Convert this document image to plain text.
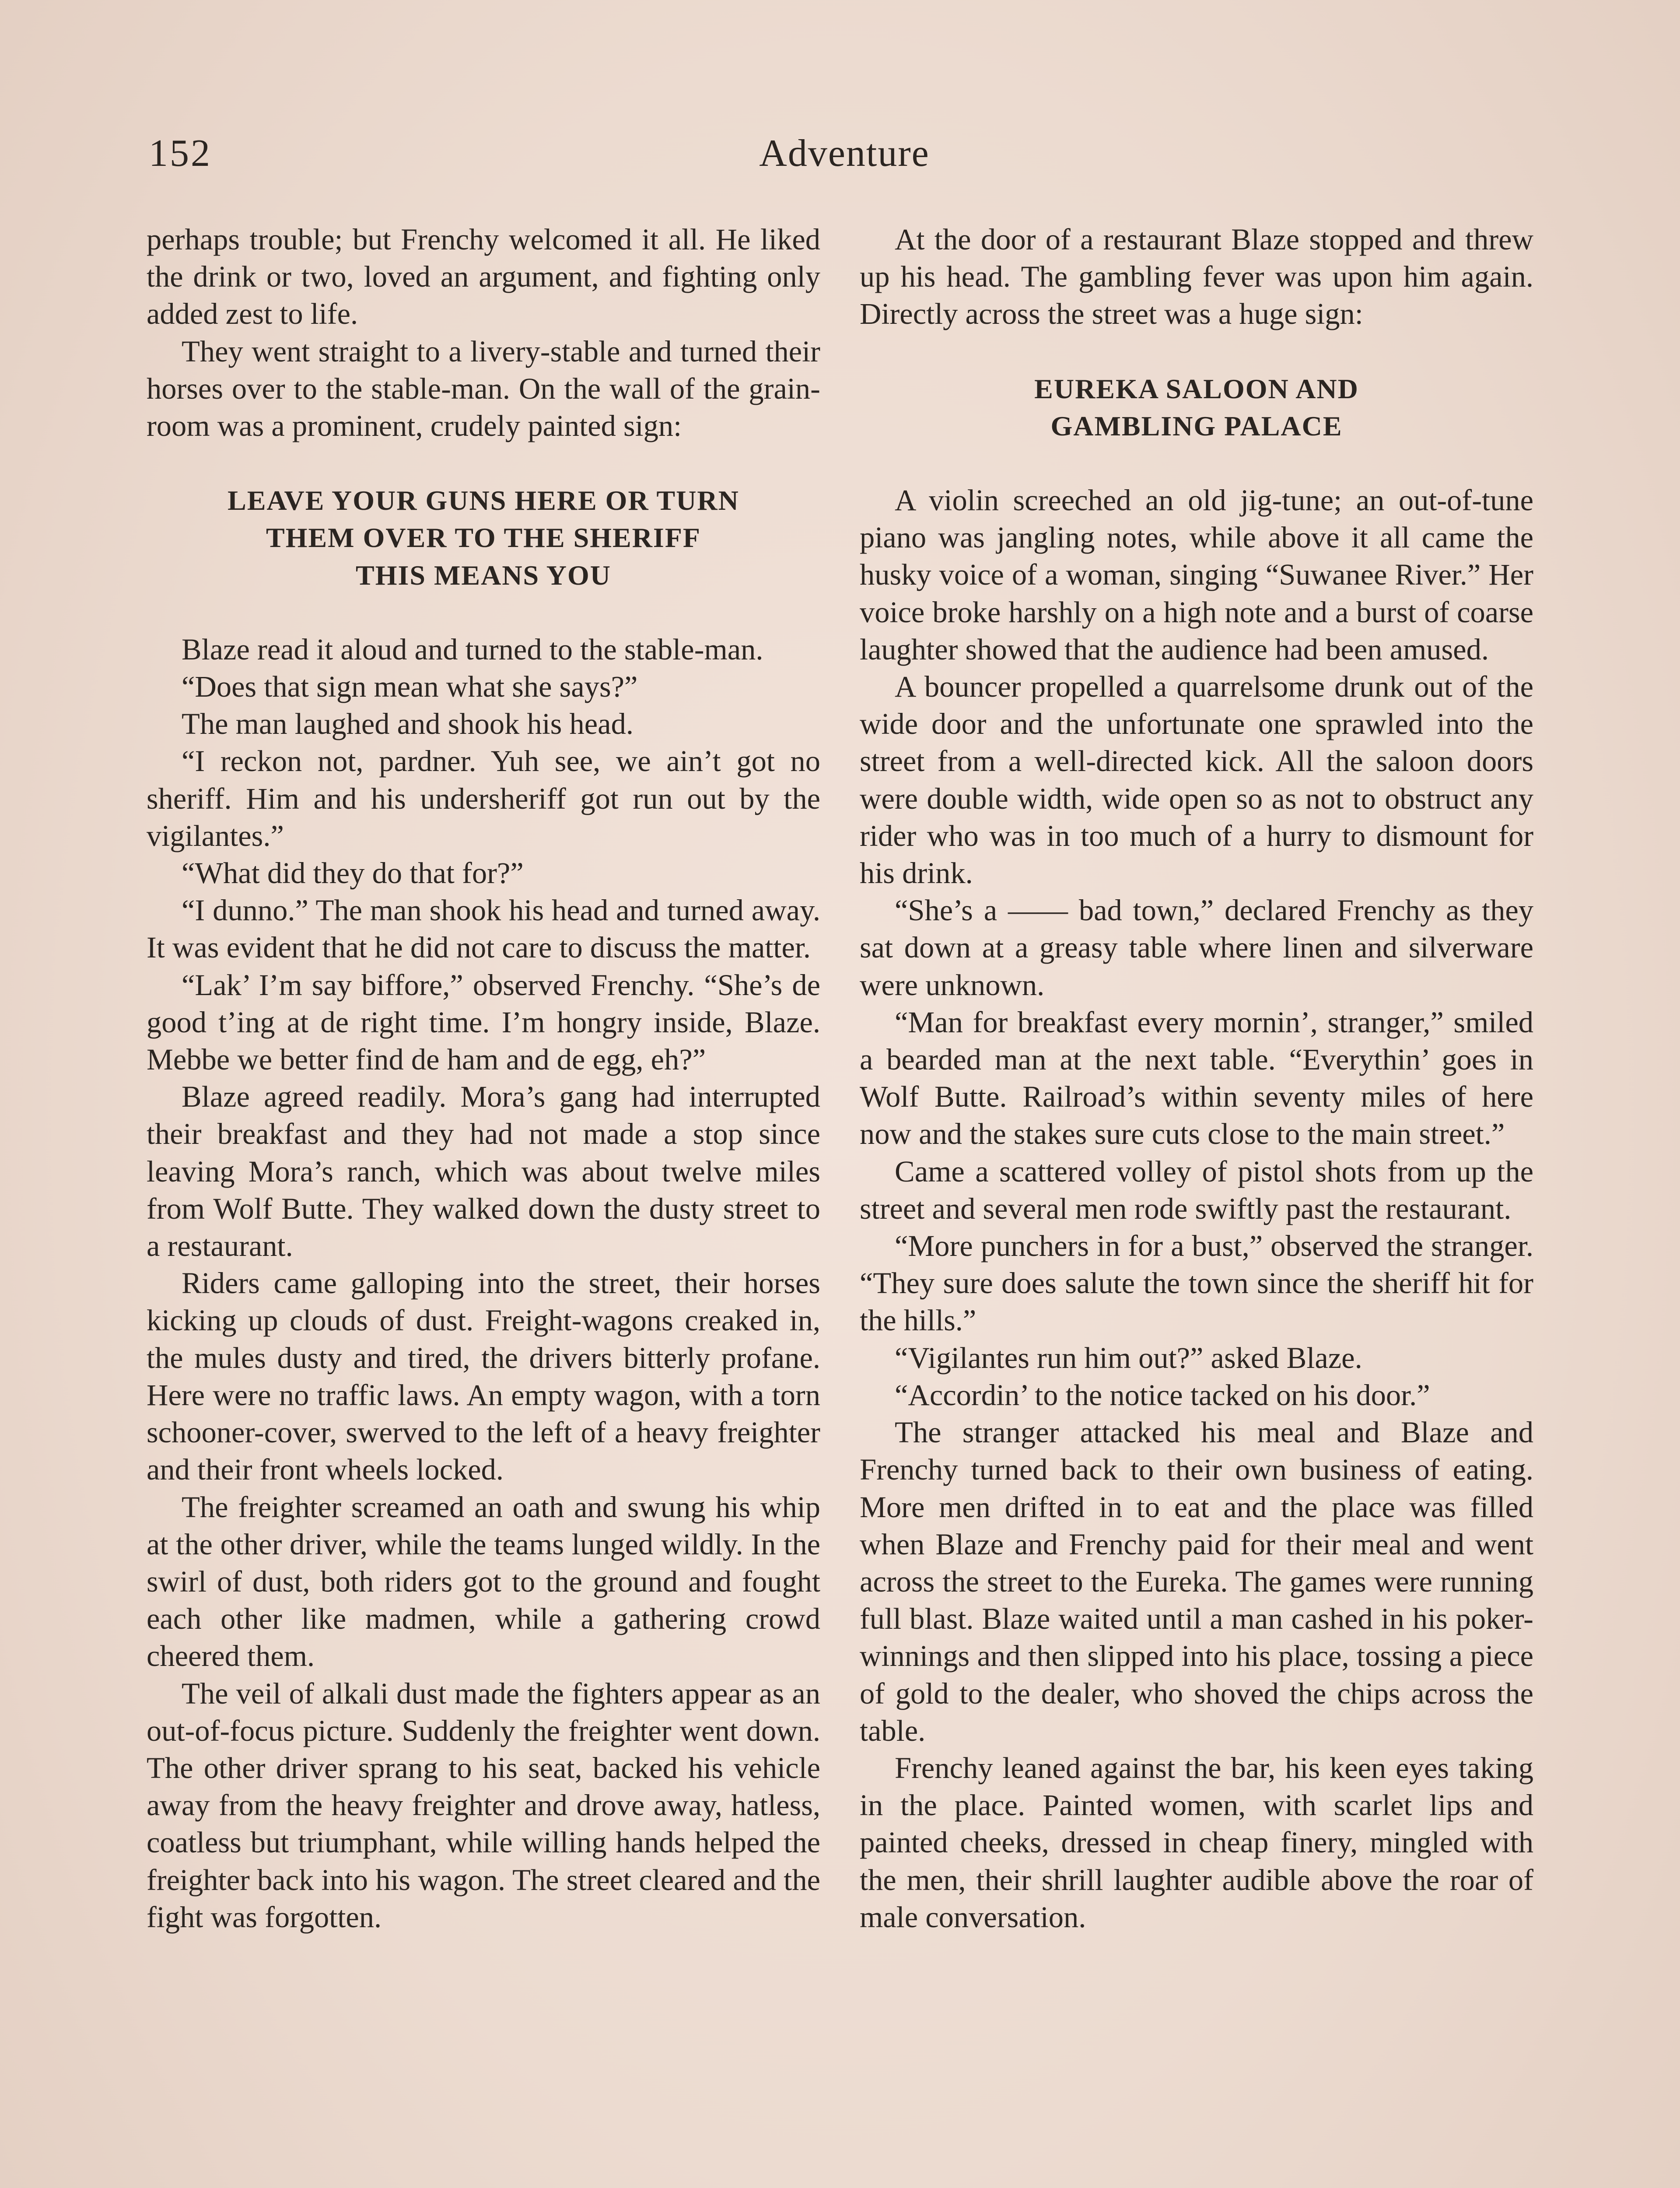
152	Adventure

perhaps trouble; but Frenchy welcomed it all. He liked the drink or two, loved an argument, and fighting only added zest to life.

They went straight to a livery-stable and turned their horses over to the stable-man. On the wall of the grain-room was a prominent, crudely painted sign:

LEAVE YOUR GUNS HERE OR TURN
THEM OVER TO THE SHERIFF
THIS MEANS YOU

Blaze read it aloud and turned to the stable-man.

“Does that sign mean what she says?”

The man laughed and shook his head.

“I reckon not, pardner. Yuh see, we ain’t got no sheriff. Him and his undersheriff got run out by the vigilantes.”

“What did they do that for?”

“I dunno.” The man shook his head and turned away. It was evident that he did not care to discuss the matter.

“Lak’ I’m say biffore,” observed Frenchy. “She’s de good t’ing at de right time. I’m hongry inside, Blaze. Mebbe we better find de ham and de egg, eh?”

Blaze agreed readily. Mora’s gang had interrupted their breakfast and they had not made a stop since leaving Mora’s ranch, which was about twelve miles from Wolf Butte. They walked down the dusty street to a restaurant.

Riders came galloping into the street, their horses kicking up clouds of dust. Freight-wagons creaked in, the mules dusty and tired, the drivers bitterly profane. Here were no traffic laws. An empty wagon, with a torn schooner-cover, swerved to the left of a heavy freighter and their front wheels locked.

The freighter screamed an oath and swung his whip at the other driver, while the teams lunged wildly. In the swirl of dust, both riders got to the ground and fought each other like madmen, while a gathering crowd cheered them.

The veil of alkali dust made the fighters appear as an out-of-focus picture. Suddenly the freighter went down. The other driver sprang to his seat, backed his vehicle away from the heavy freighter and drove away, hatless, coatless but triumphant, while willing hands helped the freighter back into his wagon. The street cleared and the fight was forgotten.

At the door of a restaurant Blaze stopped and threw up his head. The gambling fever was upon him again. Directly across the street was a huge sign:

EUREKA SALOON AND
GAMBLING PALACE

A violin screeched an old jig-tune; an out-of-tune piano was jangling notes, while above it all came the husky voice of a woman, singing “Suwanee River.” Her voice broke harshly on a high note and a burst of coarse laughter showed that the audience had been amused.

A bouncer propelled a quarrelsome drunk out of the wide door and the unfortunate one sprawled into the street from a well-directed kick. All the saloon doors were double width, wide open so as not to obstruct any rider who was in too much of a hurry to dismount for his drink.

“She’s a —— bad town,” declared Frenchy as they sat down at a greasy table where linen and silverware were unknown.

“Man for breakfast every mornin’, stranger,” smiled a bearded man at the next table. “Everythin’ goes in Wolf Butte. Railroad’s within seventy miles of here now and the stakes sure cuts close to the main street.”

Came a scattered volley of pistol shots from up the street and several men rode swiftly past the restaurant.

“More punchers in for a bust,” observed the stranger. “They sure does salute the town since the sheriff hit for the hills.”

“Vigilantes run him out?” asked Blaze.

“Accordin’ to the notice tacked on his door.”

The stranger attacked his meal and Blaze and Frenchy turned back to their own business of eating. More men drifted in to eat and the place was filled when Blaze and Frenchy paid for their meal and went across the street to the Eureka. The games were running full blast. Blaze waited until a man cashed in his poker-winnings and then slipped into his place, tossing a piece of gold to the dealer, who shoved the chips across the table.

Frenchy leaned against the bar, his keen eyes taking in the place. Painted women, with scarlet lips and painted cheeks, dressed in cheap finery, mingled with the men, their shrill laughter audible above the roar of male conversation.
